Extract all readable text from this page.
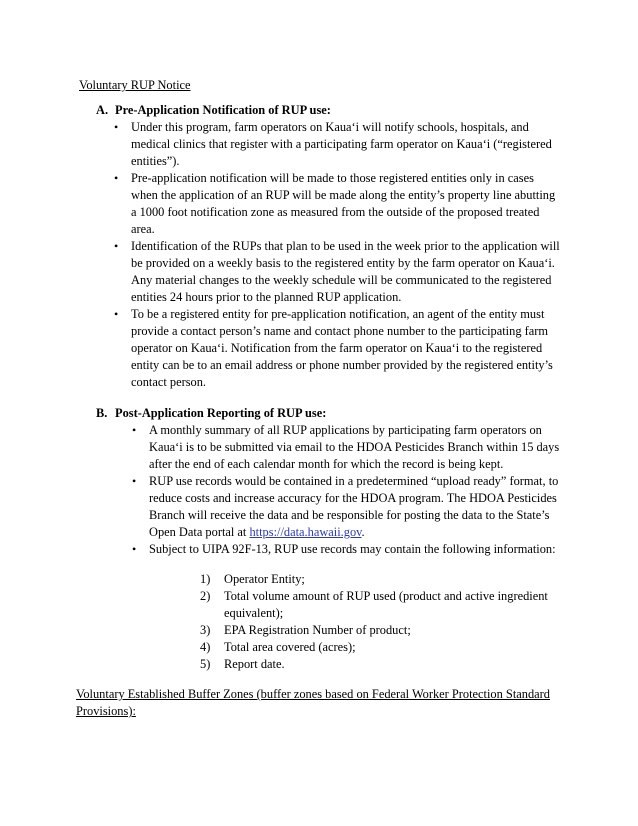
Voluntary RUP Notice
A. Pre-Application Notification of RUP use:
• Under this program, farm operators on Kaua‘i will notify schools, hospitals, and medical clinics that register with a participating farm operator on Kaua‘i (“registered entities”).
• Pre-application notification will be made to those registered entities only in cases when the application of an RUP will be made along the entity’s property line abutting a 1000 foot notification zone as measured from the outside of the proposed treated area.
• Identification of the RUPs that plan to be used in the week prior to the application will be provided on a weekly basis to the registered entity by the farm operator on Kaua‘i. Any material changes to the weekly schedule will be communicated to the registered entities 24 hours prior to the planned RUP application.
• To be a registered entity for pre-application notification, an agent of the entity must provide a contact person’s name and contact phone number to the participating farm operator on Kaua‘i. Notification from the farm operator on Kaua‘i to the registered entity can be to an email address or phone number provided by the registered entity’s contact person.
B. Post-Application Reporting of RUP use:
• A monthly summary of all RUP applications by participating farm operators on Kaua‘i is to be submitted via email to the HDOA Pesticides Branch within 15 days after the end of each calendar month for which the record is being kept.
• RUP use records would be contained in a predetermined “upload ready” format, to reduce costs and increase accuracy for the HDOA program. The HDOA Pesticides Branch will receive the data and be responsible for posting the data to the State’s Open Data portal at https://data.hawaii.gov.
• Subject to UIPA 92F-13, RUP use records may contain the following information:
1) Operator Entity;
2) Total volume amount of RUP used (product and active ingredient equivalent);
3) EPA Registration Number of product;
4) Total area covered (acres);
5) Report date.
Voluntary Established Buffer Zones (buffer zones based on Federal Worker Protection Standard Provisions):
